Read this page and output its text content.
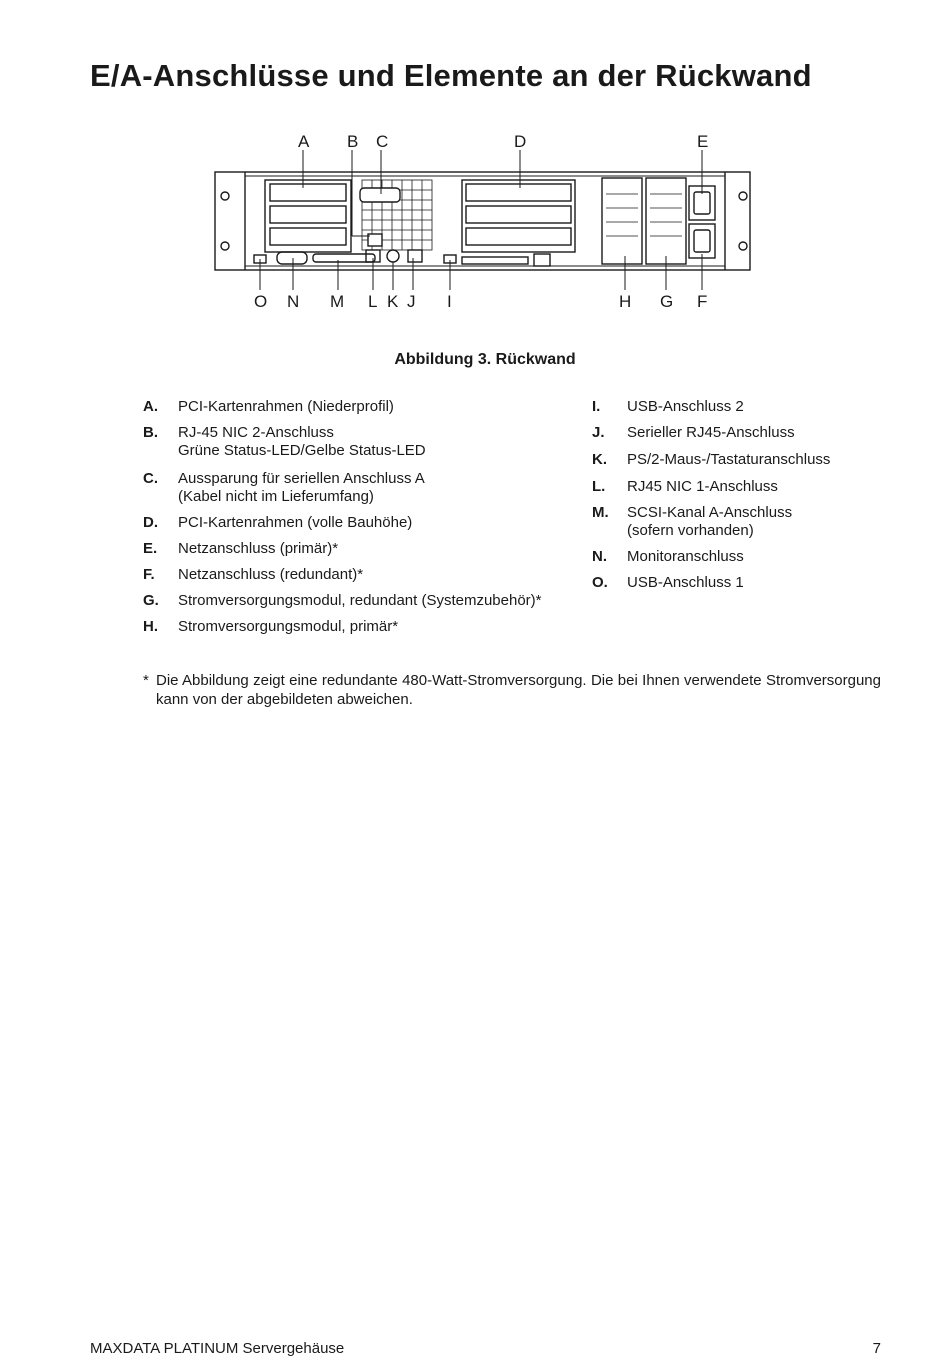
E/A-Anschlüsse und Elemente an der Rückwand
A B C	D	E
O N M L K J I	H G F
Abbildung 3. Rückwand
A.	PCI-Kartenrahmen (Niederprofil)
B.	RJ-45 NIC 2-Anschluss
Grüne Status-LED/Gelbe Status-LED
C.	Aussparung für seriellen Anschluss A
(Kabel nicht im Lieferumfang)
D.	PCI-Kartenrahmen (volle Bauhöhe)
E.	Netzanschluss (primär)*
F.	Netzanschluss (redundant)*
G.	Stromversorgungsmodul, redundant (Systemzubehör)*
H.	Stromversorgungsmodul, primär*
I.	USB-Anschluss 2
J.	Serieller RJ45-Anschluss
K.	PS/2-Maus-/Tastaturanschluss
L.	RJ45 NIC 1-Anschluss
M.	SCSI-Kanal A-Anschluss
(sofern vorhanden)
N.	Monitoranschluss
O.	USB-Anschluss 1
* Die Abbildung zeigt eine redundante 480-Watt-Stromversorgung. Die bei Ihnen verwendete Stromversorgung kann von der abgebildeten abweichen.
MAXDATA PLATINUM Servergehäuse	7
